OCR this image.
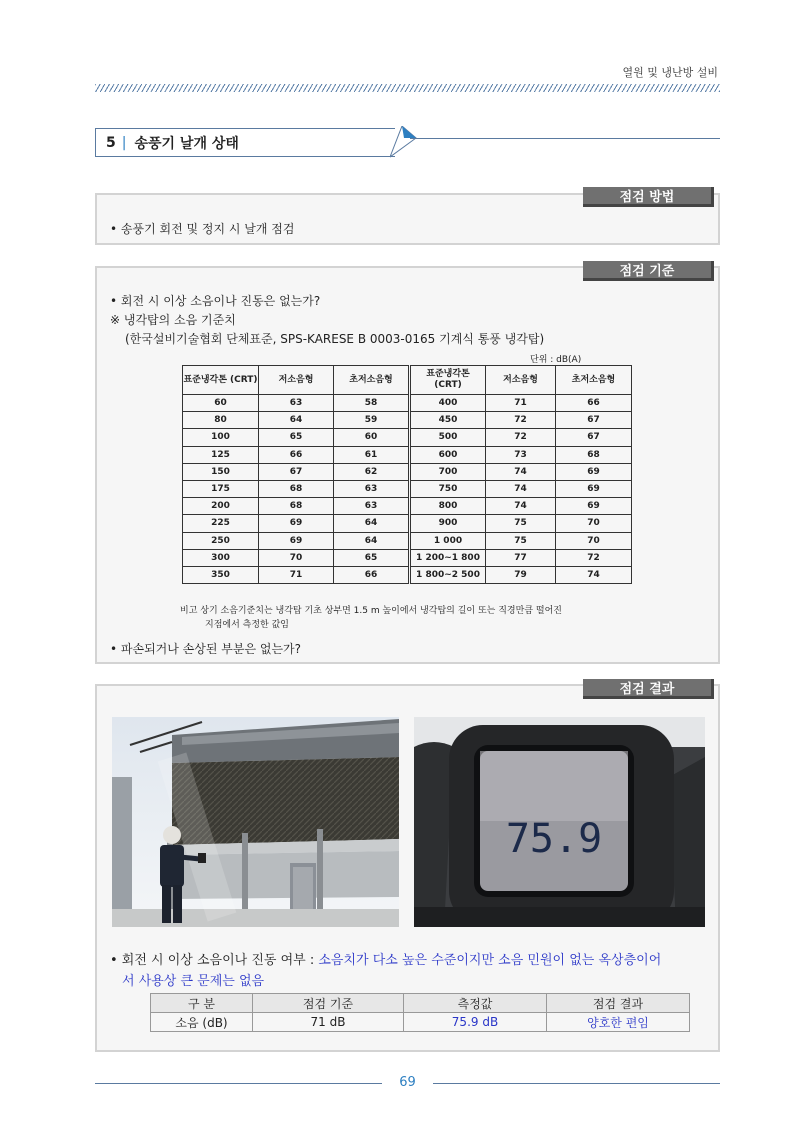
열원 및 냉난방 설비
5 | 송풍기 날개 상태
점검 방법
• 송풍기 회전 및 정지 시 날개 점검
점검 기준
• 회전 시 이상 소음이나 진동은 없는가?
※ 냉각탑의 소음 기준치
(한국설비기술협회 단체표준, SPS-KARESE B 0003-0165 기계식 통풍 냉각탑)
단위 : dB(A)
표준냉각톤 (CRT)	저소음형	초저소음형	표준냉각톤 (CRT)	저소음형	초저소음형
60	63	58	400	71	66
80	64	59	450	72	67
100	65	60	500	72	67
125	66	61	600	73	68
150	67	62	700	74	69
175	68	63	750	74	69
200	68	63	800	74	69
225	69	64	900	75	70
250	69	64	1 000	75	70
300	70	65	1 200~1 800	77	72
350	71	66	1 800~2 500	79	74
비고 상기 소음기준치는 냉각탑 기초 상부면 1.5 m 높이에서 냉각탑의 길이 또는 직경만큼 떨어진
지점에서 측정한 값임
• 파손되거나 손상된 부분은 없는가?
점검 결과
75.9
• 회전 시 이상 소음이나 진동 여부 : 소음치가 다소 높은 수준이지만 소음 민원이 없는 옥상층이어
서 사용상 큰 문제는 없음
구 분	점검 기준	측정값	점검 결과
소음 (dB)	71 dB	75.9 dB	양호한 편임
69
